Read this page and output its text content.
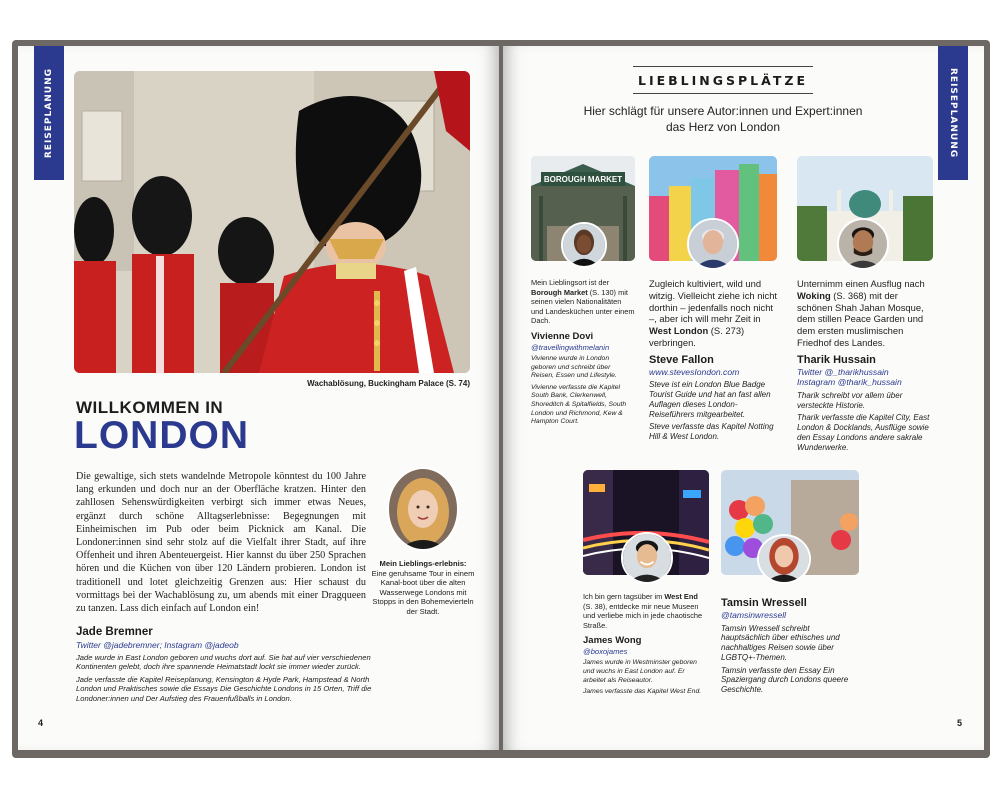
REISEPLANUNG
Wachablösung, Buckingham Palace (S. 74)
WILLKOMMEN IN
LONDON

Die gewaltige, sich stets wandelnde Metropole könntest du 100 Jahre lang erkunden und doch nur an der Oberfläche kratzen. Hinter den zahllosen Sehenswürdigkeiten verbirgt sich immer etwas Neues, ergänzt durch schöne Alltagserlebnisse: Begegnungen mit Einheimischen im Pub oder beim Picknick am Kanal. Die Londoner:innen sind sehr stolz auf die Vielfalt ihrer Stadt, auf ihre Offenheit und ihren Abenteuergeist. Hier kannst du über 250 Sprachen hören und die Küchen von über 120 Ländern probieren. London ist traditionell und lotet gleichzeitig Grenzen aus: Hier schaust du vormittags bei der Wachablösung zu, um abends mit einer Dragqueen zu tanzen. Lass dich einfach auf London ein!

Mein Lieblings-erlebnis:
Eine geruhsame Tour in einem Kanal-boot über die alten Wasserwege Londons mit Stopps in den Bohemevierteln der Stadt.
Jade Bremner
Twitter @jadebremner; Instagram @jadeob
Jade wurde in East London geboren und wuchs dort auf. Sie hat auf vier verschiedenen Kontinenten gelebt, doch ihre spannende Heimatstadt lockt sie immer wieder zurück.
Jade verfasste die Kapitel Reiseplanung, Kensington & Hyde Park, Hampstead & North London und Praktisches sowie die Essays Die Geschichte Londons in 15 Orten, Triff die Londoner:innen und Der Aufstieg des Frauenfußballs in London.
4
REISEPLANUNG
LIEBLINGSPLÄTZE
Hier schlägt für unsere Autor:innen und Expert:innen das Herz von London
BOROUGH MARKET
Mein Lieblingsort ist der Borough Market (S. 130) mit seinen vielen Nationalitäten und Landesküchen unter einem Dach.
Vivienne Dovi
@travellingwithmelanin
Vivienne wurde in London geboren und schreibt über Reisen, Essen und Lifestyle.
Vivienne verfasste die Kapitel South Bank, Clerkenwell, Shoreditch & Spitalfields, South London und Richmond, Kew & Hampton Court.
Zugleich kultiviert, wild und witzig. Vielleicht ziehe ich nicht dorthin – jedenfalls noch nicht –, aber ich will mehr Zeit in West London (S. 273) verbringen.
Steve Fallon
www.stevesIondon.com
Steve ist ein London Blue Badge Tourist Guide und hat an fast allen Auflagen dieses London-Reiseführers mitgearbeitet.
Steve verfasste das Kapitel Notting Hill & West London.
Unternimm einen Ausflug nach Woking (S. 368) mit der schönen Shah Jahan Mosque, dem stillen Peace Garden und dem ersten muslimischen Friedhof des Landes.
Tharik Hussain
Twitter @_tharikhussain
Instagram @tharik_hussain
Tharik schreibt vor allem über versteckte Historie.
Tharik verfasste die Kapitel City, East London & Docklands, Ausflüge sowie den Essay Londons andere sakrale Wunderwerke.
Ich bin gern tagsüber im West End (S. 38), entdecke mir neue Museen und verliebe mich in jede chaotische Straße.
James Wong
@boxojames
James wurde in Westminster geboren und wuchs in East London auf. Er arbeitet als Reiseautor.
James verfasste das Kapitel West End.
Tamsin Wressell
@tamsinwressell
Tamsin Wressell schreibt hauptsächlich über ethisches und nachhaltiges Reisen sowie über LGBTQ+-Themen.
Tamsin verfasste den Essay Ein Spaziergang durch Londons queere Geschichte.
5
